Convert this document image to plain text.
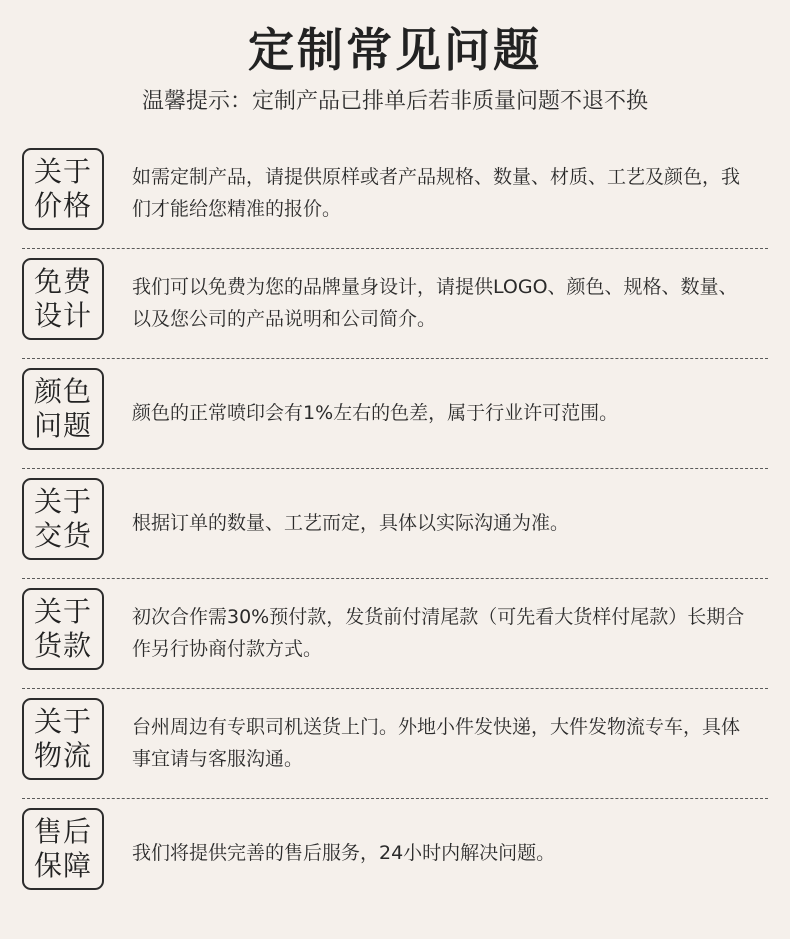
定制常见问题
温馨提示：定制产品已排单后若非质量问题不退不换
关于
价格
如需定制产品，请提供原样或者产品规格、数量、材质、工艺及颜色，我们才能给您精准的报价。
免费
设计
我们可以免费为您的品牌量身设计，请提供LOGO、颜色、规格、数量、以及您公司的产品说明和公司简介。
颜色
问题 颜色的正常喷印会有1%左右的色差，属于行业许可范围。
关于
交货 根据订单的数量、工艺而定，具体以实际沟通为准。
关于
货款
初次合作需30%预付款，发货前付清尾款（可先看大货样付尾款）长期合作另行协商付款方式。
关于
物流
台州周边有专职司机送货上门。外地小件发快递，大件发物流专车，具体事宜请与客服沟通。
售后
保障 我们将提供完善的售后服务，24小时内解决问题。
